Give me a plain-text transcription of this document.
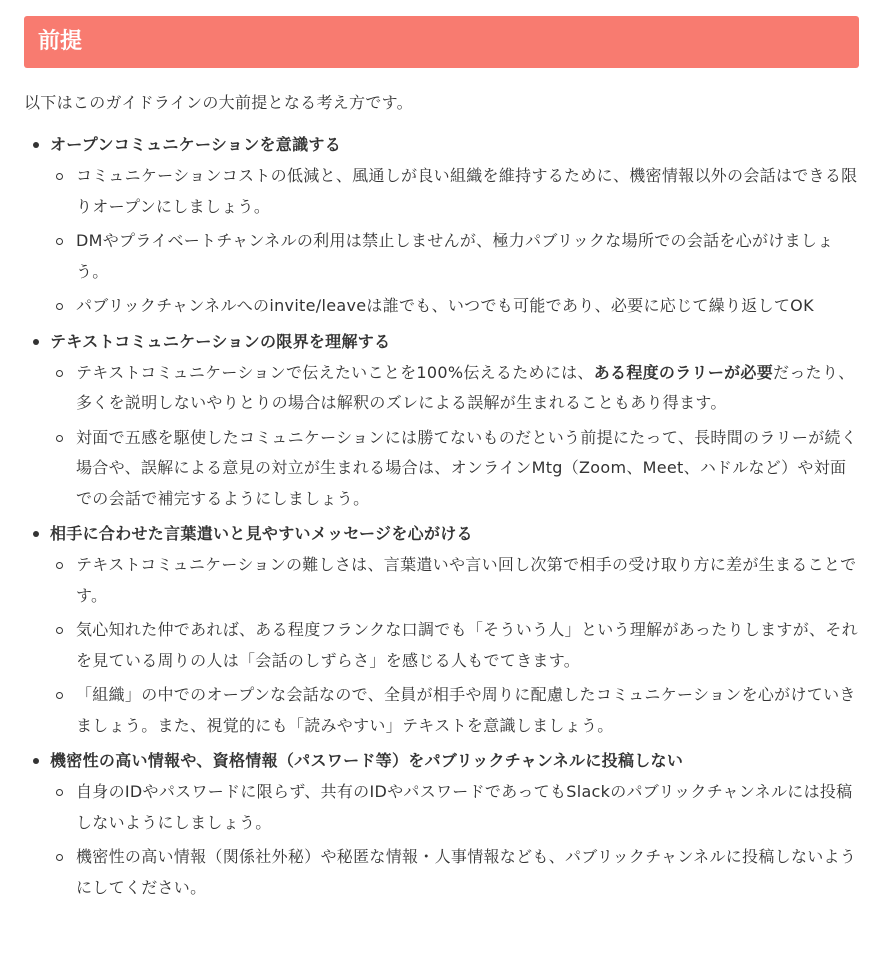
前提

以下はこのガイドラインの大前提となる考え方です。

オープンコミュニケーションを意識する
コミュニケーションコストの低減と、風通しが良い組織を維持するために、機密情報以外の会話はできる限りオープンにしましょう。
DMやプライベートチャンネルの利用は禁止しませんが、極力パブリックな場所での会話を心がけましょう。
パブリックチャンネルへのinvite/leaveは誰でも、いつでも可能であり、必要に応じて繰り返してOK
テキストコミュニケーションの限界を理解する
テキストコミュニケーションで伝えたいことを100%伝えるためには、ある程度のラリーが必要だったり、多くを説明しないやりとりの場合は解釈のズレによる誤解が生まれることもあり得ます。
対面で五感を駆使したコミュニケーションには勝てないものだという前提にたって、長時間のラリーが続く場合や、誤解による意見の対立が生まれる場合は、オンラインMtg（Zoom、Meet、ハドルなど）や対面での会話で補完するようにしましょう。
相手に合わせた言葉遣いと見やすいメッセージを心がける
テキストコミュニケーションの難しさは、言葉遣いや言い回し次第で相手の受け取り方に差が生まることです。
気心知れた仲であれば、ある程度フランクな口調でも「そういう人」という理解があったりしますが、それを見ている周りの人は「会話のしずらさ」を感じる人もでてきます。
「組織」の中でのオープンな会話なので、全員が相手や周りに配慮したコミュニケーションを心がけていきましょう。また、視覚的にも「読みやすい」テキストを意識しましょう。
機密性の高い情報や、資格情報（パスワード等）をパブリックチャンネルに投稿しない
自身のIDやパスワードに限らず、共有のIDやパスワードであってもSlackのパブリックチャンネルには投稿しないようにしましょう。
機密性の高い情報（関係社外秘）や秘匿な情報・人事情報なども、パブリックチャンネルに投稿しないようにしてください。
